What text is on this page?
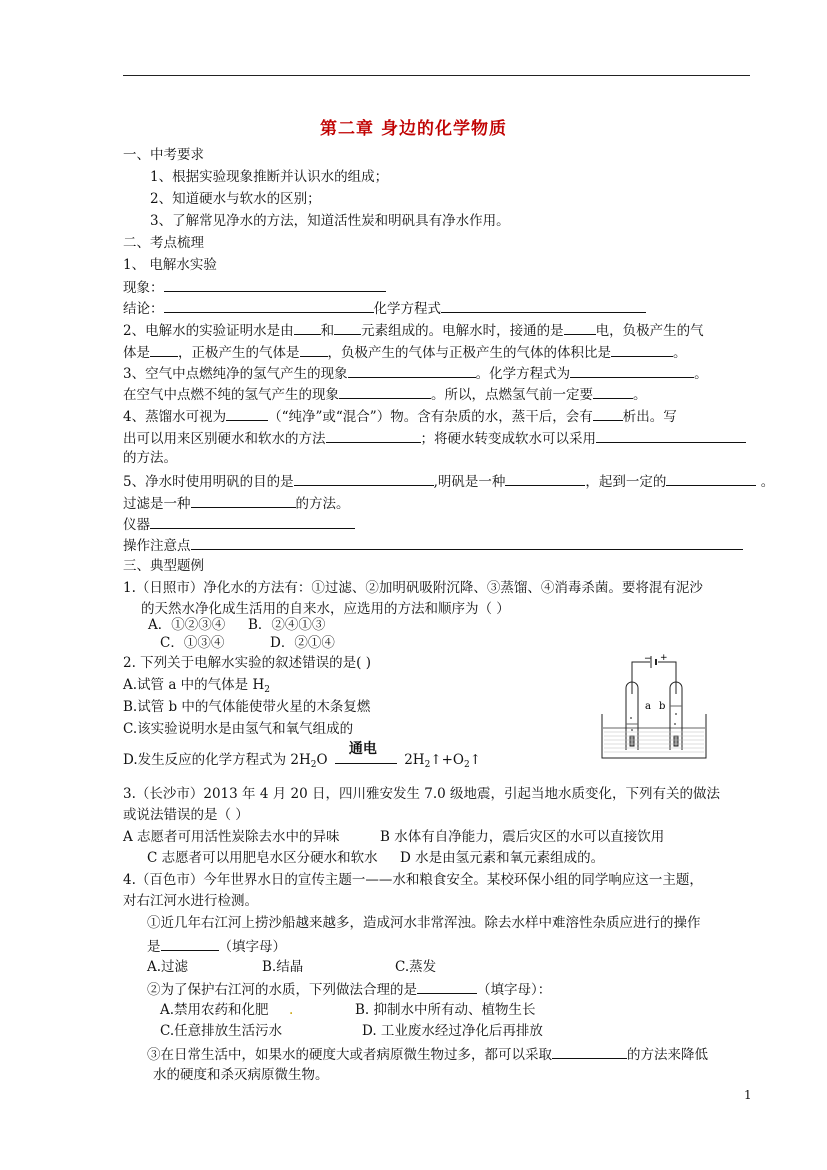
第二章 身边的化学物质
一、中考要求
1、根据实验现象推断并认识水的组成；
2、知道硬水与软水的区别；
3、了解常见净水的方法，知道活性炭和明矾具有净水作用。
二、考点梳理
1、 电解水实验
现象：
结论：	化学方程式
2、电解水的实验证明水是由 和 元素组成的。电解水时，接通的是 电，负极产生的气
体是 ，正极产生的气体是 ，负极产生的气体与正极产生的气体的体积比是	。
3、空气中点燃纯净的氢气产生的现象	。化学方程式为	。
在空气中点燃不纯的氢气产生的现象	。所以，点燃氢气前一定要	。
4、蒸馏水可视为	（“纯净”或“混合”）物。含有杂质的水，蒸干后，会有 析出。写
出可以用来区别硬水和软水的方法	；将硬水转变成软水可以采用
的方法。
5、净水时使用明矾的目的是	,明矾是一种	，起到一定的	。
过滤是一种	的方法。
仪器
操作注意点
三、典型题例
1.（日照市）净化水的方法有：①过滤、②加明矾吸附沉降、③蒸馏、④消毒杀菌。要将混有泥沙
的天然水净化成生活用的自来水，应选用的方法和顺序为（ ）
A．①②③④ B．②④①③
C．①③④	D．②①④
2. 下列关于电解水实验的叙述错误的是( )
A.试管 a 中的气体是 $H_2$
B.试管 b 中的气体能使带火星的木条复燃
C.该实验说明水是由氢气和氧气组成的
D.发生反应的化学方程式为 $2H_2O$
通电
$2H_2↑+O_2↑$
a b
− +
3.（长沙市）2013 年 4 月 20 日，四川雅安发生 7.0 级地震，引起当地水质变化，下列有关的做法
或说法错误的是（ ）
A 志愿者可用活性炭除去水中的异味	B 水体有自净能力，震后灾区的水可以直接饮用
C 志愿者可以用肥皂水区分硬水和软水 D 水是由氢元素和氧元素组成的。
4.（百色市）今年世界水日的宣传主题一——水和粮食安全。某校环保小组的同学响应这一主题，
对右江河水进行检测。
①近几年右江河上捞沙船越来越多，造成河水非常浑浊。除去水样中难溶性杂质应进行的操作
是	（填字母）
A.过滤	B.结晶	C.蒸发
②为了保护右江河的水质，下列做法合理的是	（填字母）：
A.禁用农药和化肥 .	B. 抑制水中所有动、植物生长
C.任意排放生活污水	D. 工业废水经过净化后再排放
③在日常生活中，如果水的硬度大或者病原微生物过多，都可以采取	的方法来降低
水的硬度和杀灭病原微生物。
1
